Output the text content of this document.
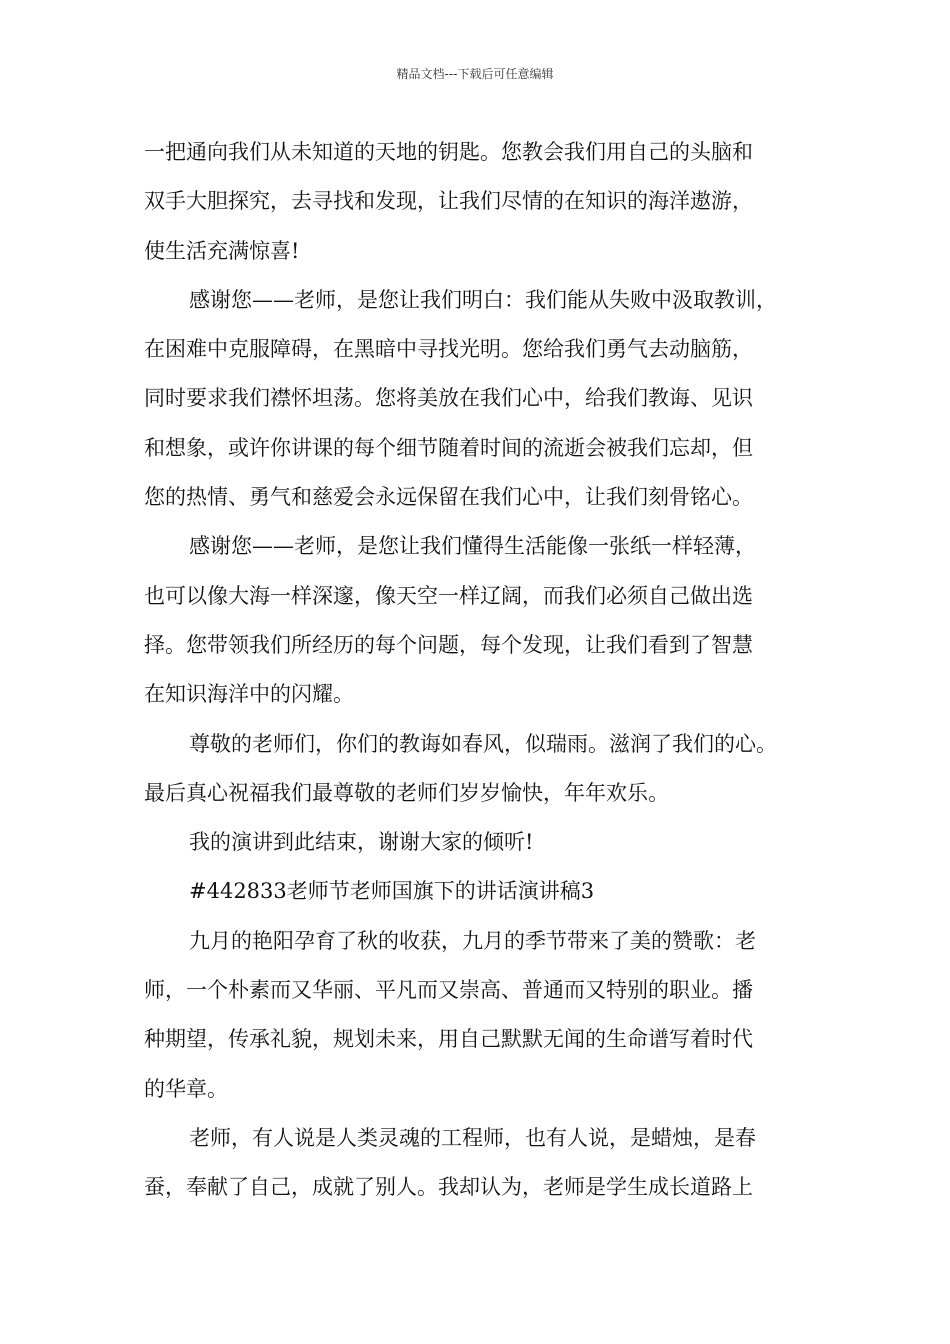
精品文档---下载后可任意编辑
一把通向我们从未知道的天地的钥匙。您教会我们用自己的头脑和
双手大胆探究，去寻找和发现，让我们尽情的在知识的海洋遨游，
使生活充满惊喜!
感谢您——老师，是您让我们明白：我们能从失败中汲取教训，
在困难中克服障碍，在黑暗中寻找光明。您给我们勇气去动脑筋，
同时要求我们襟怀坦荡。您将美放在我们心中，给我们教诲、见识
和想象，或许你讲课的每个细节随着时间的流逝会被我们忘却，但
您的热情、勇气和慈爱会永远保留在我们心中，让我们刻骨铭心。
感谢您——老师，是您让我们懂得生活能像一张纸一样轻薄，
也可以像大海一样深邃，像天空一样辽阔，而我们必须自己做出选
择。您带领我们所经历的每个问题，每个发现，让我们看到了智慧
在知识海洋中的闪耀。
尊敬的老师们，你们的教诲如春风，似瑞雨。滋润了我们的心。
最后真心祝福我们最尊敬的老师们岁岁愉快，年年欢乐。
我的演讲到此结束，谢谢大家的倾听!
#442833老师节老师国旗下的讲话演讲稿3
九月的艳阳孕育了秋的收获，九月的季节带来了美的赞歌：老
师，一个朴素而又华丽、平凡而又崇高、普通而又特别的职业。播
种期望，传承礼貌，规划未来，用自己默默无闻的生命谱写着时代
的华章。
老师，有人说是人类灵魂的工程师，也有人说，是蜡烛，是春
蚕，奉献了自己，成就了别人。我却认为，老师是学生成长道路上
